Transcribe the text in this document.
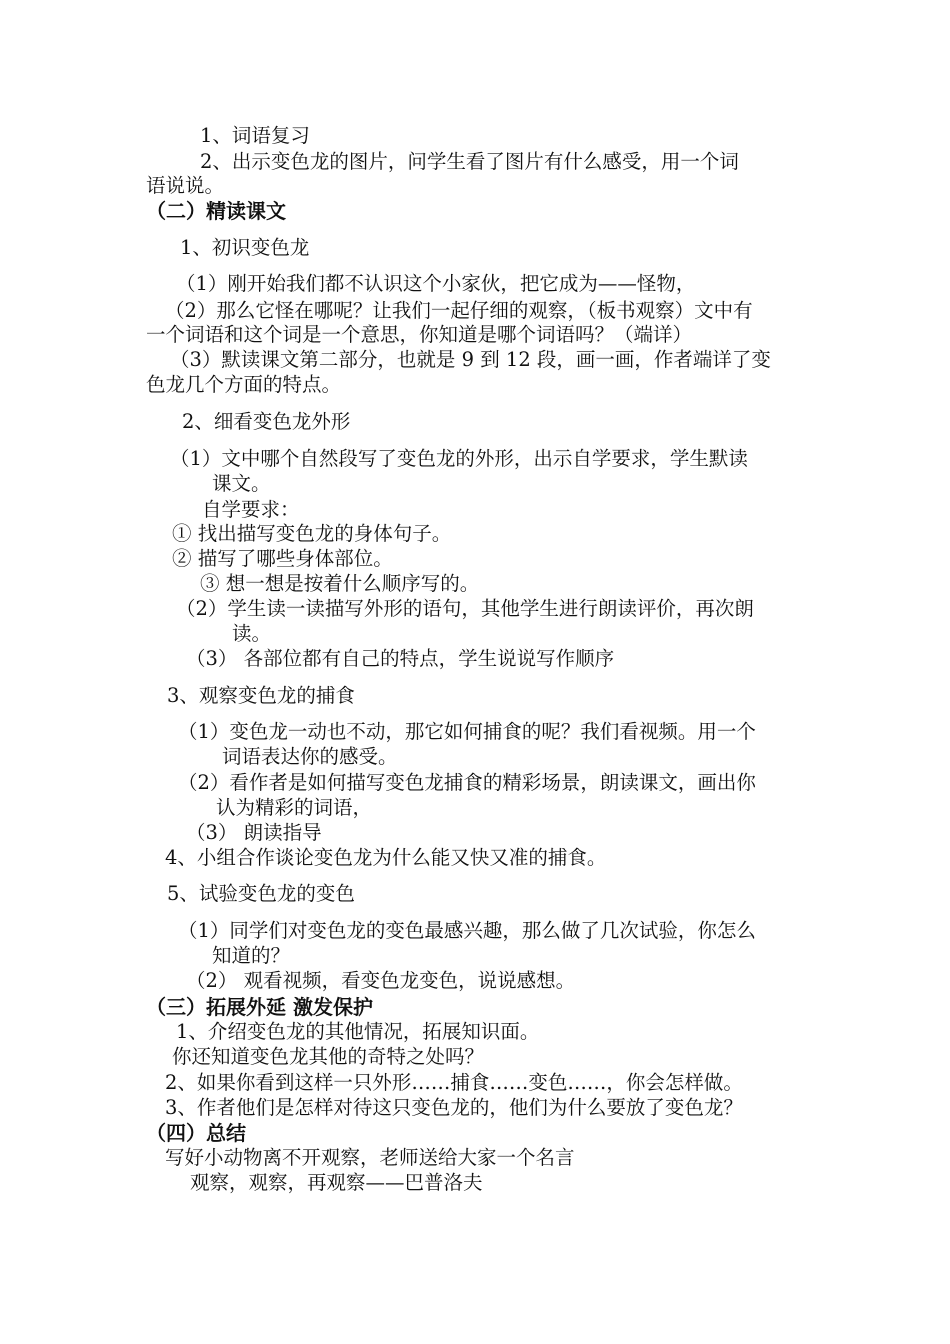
1、词语复习
2、出示变色龙的图片，问学生看了图片有什么感受，用一个词
语说说。
（二）精读课文
1、初识变色龙
（1）刚开始我们都不认识这个小家伙，把它成为——怪物，
（2）那么它怪在哪呢？让我们一起仔细的观察，（板书观察）文中有
一个词语和这个词是一个意思，你知道是哪个词语吗？（端详）
（3）默读课文第二部分，也就是 9 到 12 段，画一画，作者端详了变
色龙几个方面的特点。
2、细看变色龙外形
（1）文中哪个自然段写了变色龙的外形，出示自学要求，学生默读
课文。
自学要求：
① 找出描写变色龙的身体句子。
② 描写了哪些身体部位。
③ 想一想是按着什么顺序写的。
（2）学生读一读描写外形的语句，其他学生进行朗读评价，再次朗
读。
（3） 各部位都有自己的特点，学生说说写作顺序
3、观察变色龙的捕食
（1）变色龙一动也不动，那它如何捕食的呢？我们看视频。用一个
词语表达你的感受。
（2）看作者是如何描写变色龙捕食的精彩场景，朗读课文，画出你
认为精彩的词语，
（3） 朗读指导
4、小组合作谈论变色龙为什么能又快又准的捕食。
5、试验变色龙的变色
（1）同学们对变色龙的变色最感兴趣，那么做了几次试验，你怎么
知道的？
（2） 观看视频，看变色龙变色，说说感想。
（三）拓展外延 激发保护
1、介绍变色龙的其他情况，拓展知识面。
你还知道变色龙其他的奇特之处吗？
2、如果你看到这样一只外形……捕食……变色……，你会怎样做。
3、作者他们是怎样对待这只变色龙的，他们为什么要放了变色龙？
（四）总结
写好小动物离不开观察，老师送给大家一个名言
观察，观察，再观察——巴普洛夫
